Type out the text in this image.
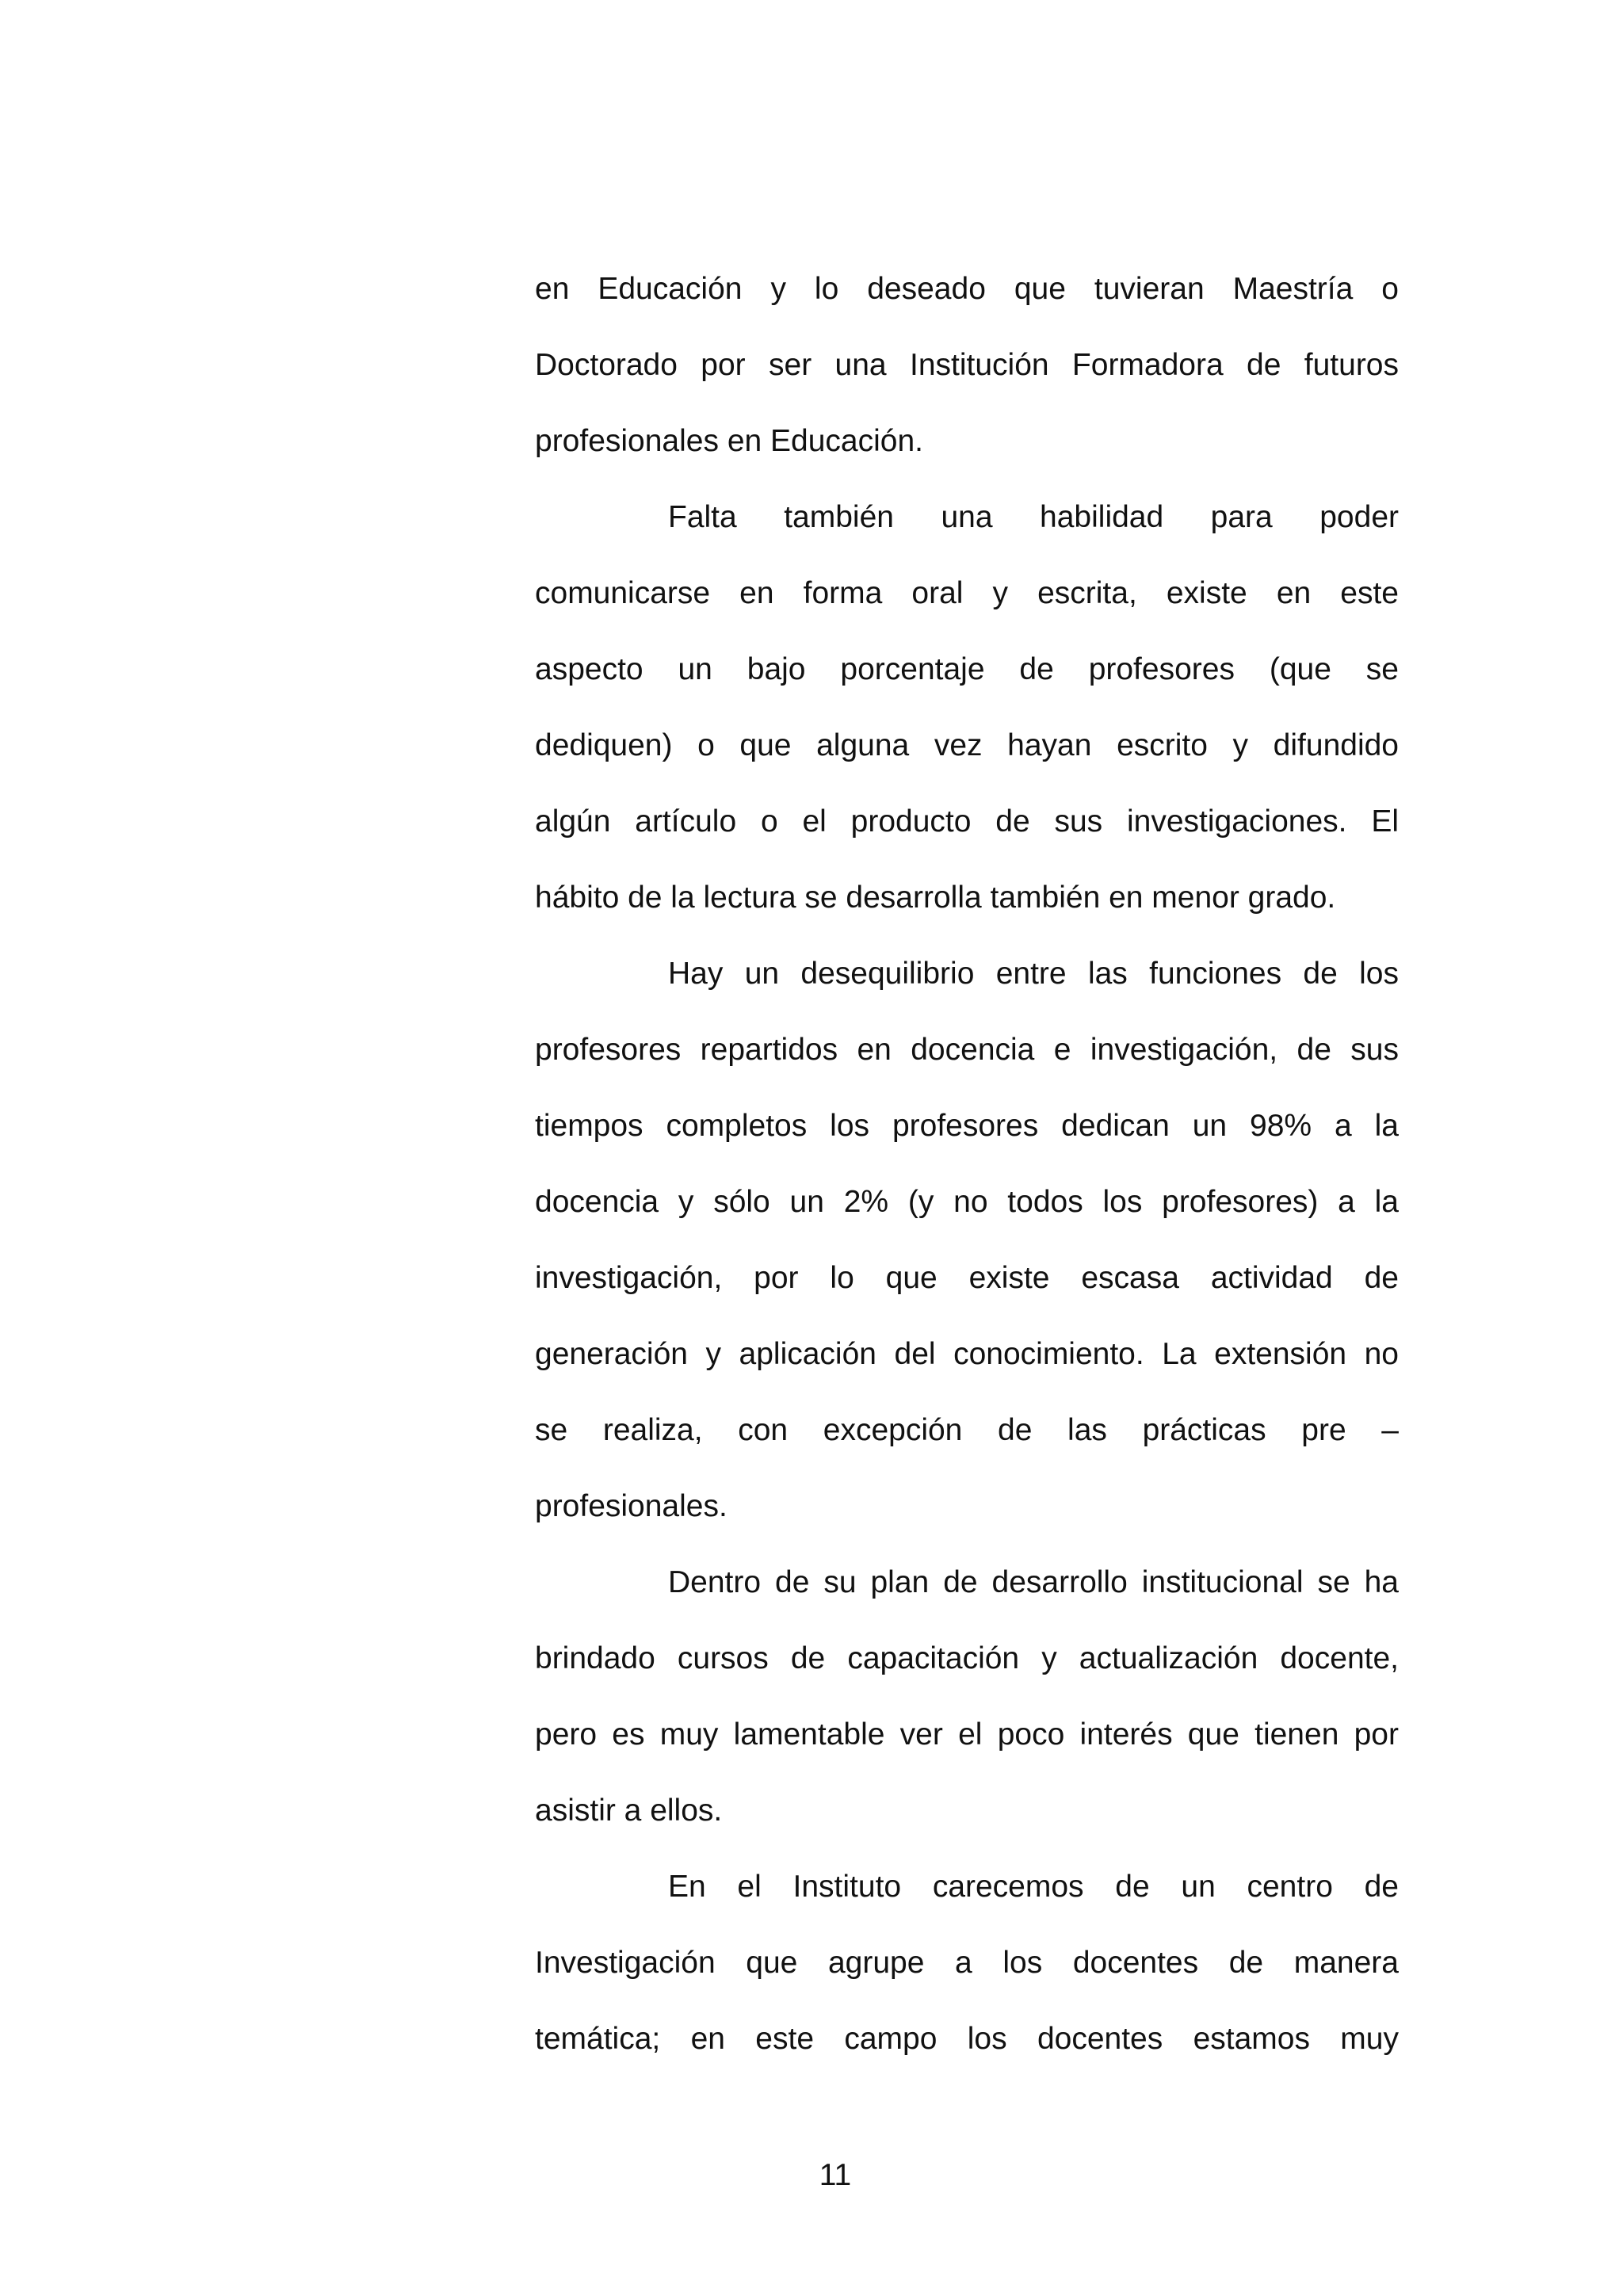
en Educación y lo deseado que tuvieran Maestría o
Doctorado por ser una Institución Formadora de futuros
profesionales en Educación.
Falta también una habilidad para poder
comunicarse en forma oral y escrita, existe en este
aspecto un bajo porcentaje de profesores (que se
dediquen) o que alguna vez hayan escrito y difundido
algún artículo o el producto de sus investigaciones. El
hábito de la lectura se desarrolla también en menor grado.
Hay un desequilibrio entre las funciones de los
profesores repartidos en docencia e investigación, de sus
tiempos completos los profesores dedican un 98% a la
docencia y sólo un 2% (y no todos los profesores) a la
investigación, por lo que existe escasa actividad de
generación y aplicación del conocimiento. La extensión no
se realiza, con excepción de las prácticas pre –
profesionales.
Dentro de su plan de desarrollo institucional se ha
brindado cursos de capacitación y actualización docente,
pero es muy lamentable ver el poco interés que tienen por
asistir a ellos.
En el Instituto carecemos de un centro de
Investigación que agrupe a los docentes de manera
temática; en este campo los docentes estamos muy
11
